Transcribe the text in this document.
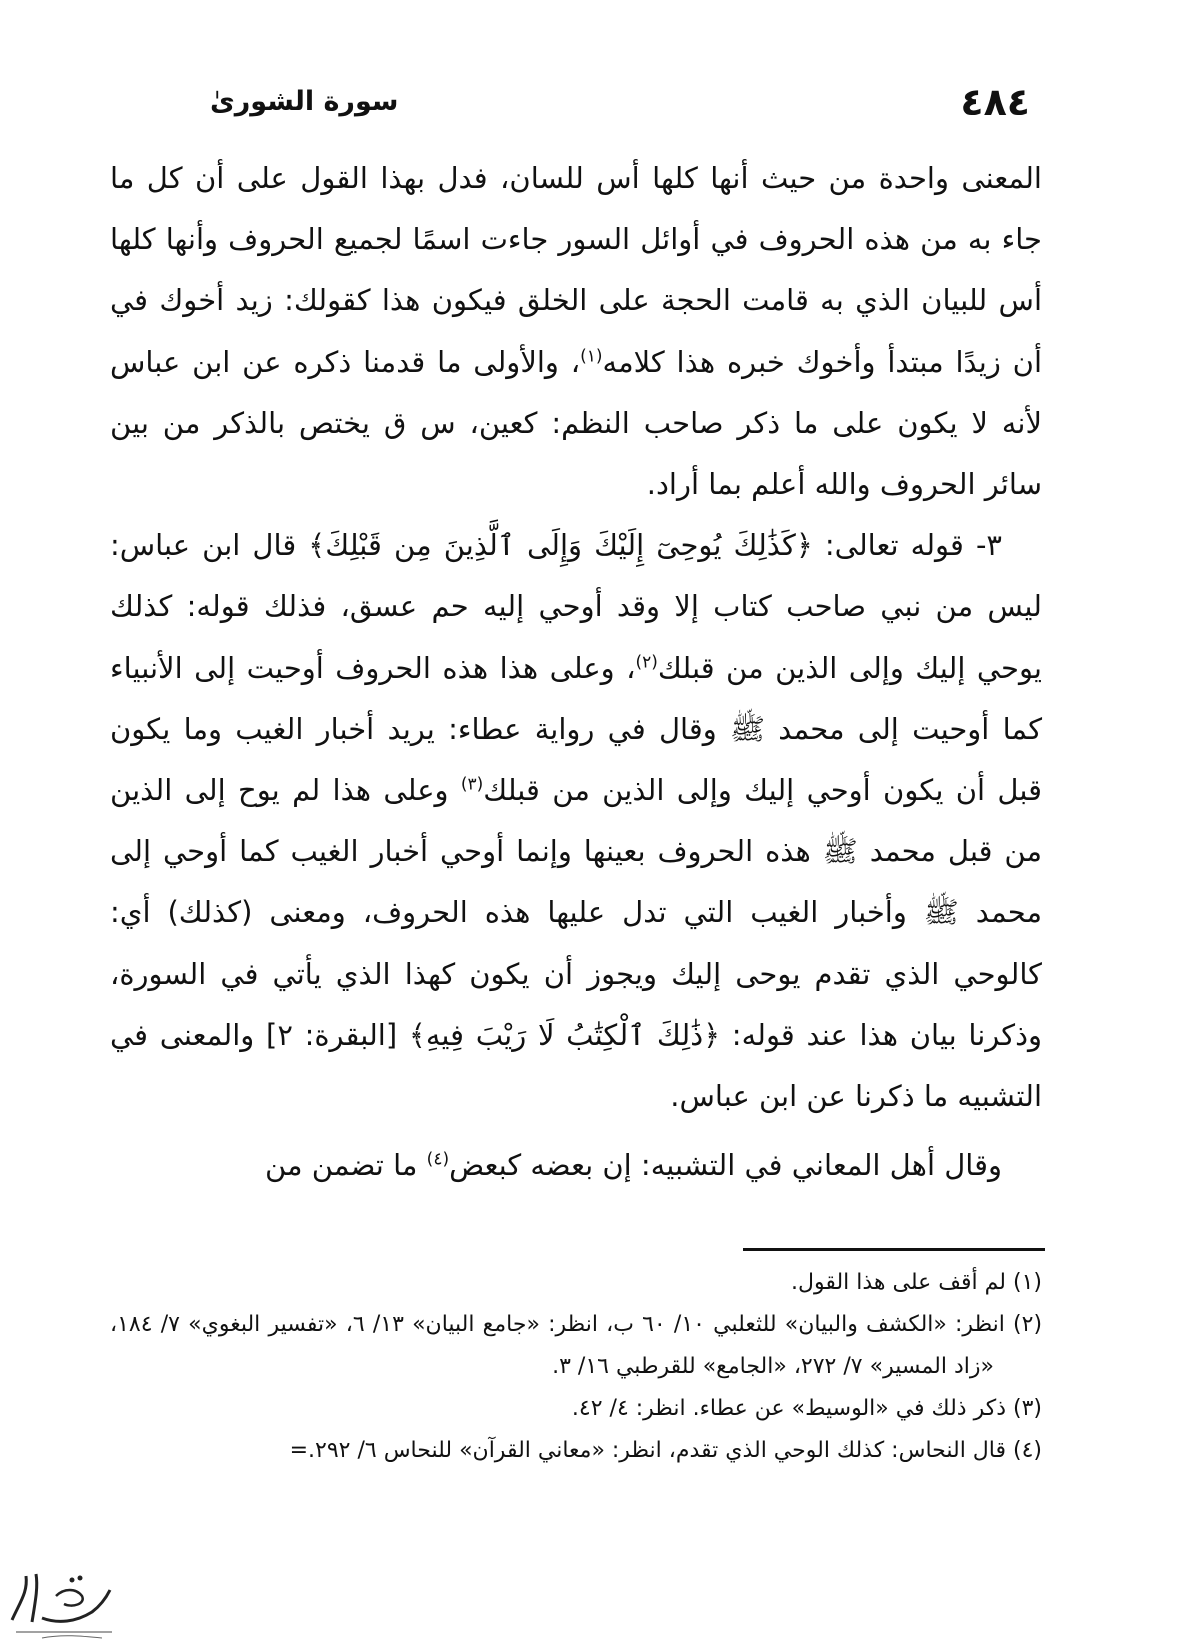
٤٨٤
سورة الشورىٰ

المعنى واحدة من حيث أنها كلها أس للسان، فدل بهذا القول على أن كل ما جاء به من هذه الحروف في أوائل السور جاءت اسمًا لجميع الحروف وأنها كلها أس للبيان الذي به قامت الحجة على الخلق فيكون هذا كقولك: زيد أخوك في أن زيدًا مبتدأ وأخوك خبره هذا كلامه$^{(١)}$، والأولى ما قدمنا ذكره عن ابن عباس لأنه لا يكون على ما ذكر صاحب النظم: كعين، س ق يختص بالذكر من بين سائر الحروف والله أعلم بما أراد.

٣- قوله تعالى: ﴿كَذَٰلِكَ يُوحِىٓ إِلَيْكَ وَإِلَى ٱلَّذِينَ مِن قَبْلِكَ﴾ قال ابن عباس: ليس من نبي صاحب كتاب إلا وقد أوحي إليه حم عسق، فذلك قوله: كذلك يوحي إليك وإلى الذين من قبلك$^{(٢)}$، وعلى هذا هذه الحروف أوحيت إلى الأنبياء كما أوحيت إلى محمد ﷺ وقال في رواية عطاء: يريد أخبار الغيب وما يكون قبل أن يكون أوحي إليك وإلى الذين من قبلك$^{(٣)}$ وعلى هذا لم يوح إلى الذين من قبل محمد ﷺ هذه الحروف بعينها وإنما أوحي أخبار الغيب كما أوحي إلى محمد ﷺ وأخبار الغيب التي تدل عليها هذه الحروف، ومعنى (كذلك) أي: كالوحي الذي تقدم يوحى إليك ويجوز أن يكون كهذا الذي يأتي في السورة، وذكرنا بيان هذا عند قوله: ﴿ذَٰلِكَ ٱلْكِتَٰبُ لَا رَيْبَ فِيهِ﴾ [البقرة: ٢] والمعنى في التشبيه ما ذكرنا عن ابن عباس.

وقال أهل المعاني في التشبيه: إن بعضه كبعض$^{(٤)}$ ما تضمن من

(١) لم أقف على هذا القول.

(٢) انظر: «الكشف والبيان» للثعلبي ١٠/ ٦٠ ب، انظر: «جامع البيان» ١٣/ ٦، «تفسير البغوي» ٧/ ١٨٤، «زاد المسير» ٧/ ٢٧٢، «الجامع» للقرطبي ١٦/ ٣.

(٣) ذكر ذلك في «الوسيط» عن عطاء. انظر: ٤/ ٤٢.

(٤) قال النحاس: كذلك الوحي الذي تقدم، انظر: «معاني القرآن» للنحاس ٦/ ٢٩٢.=
